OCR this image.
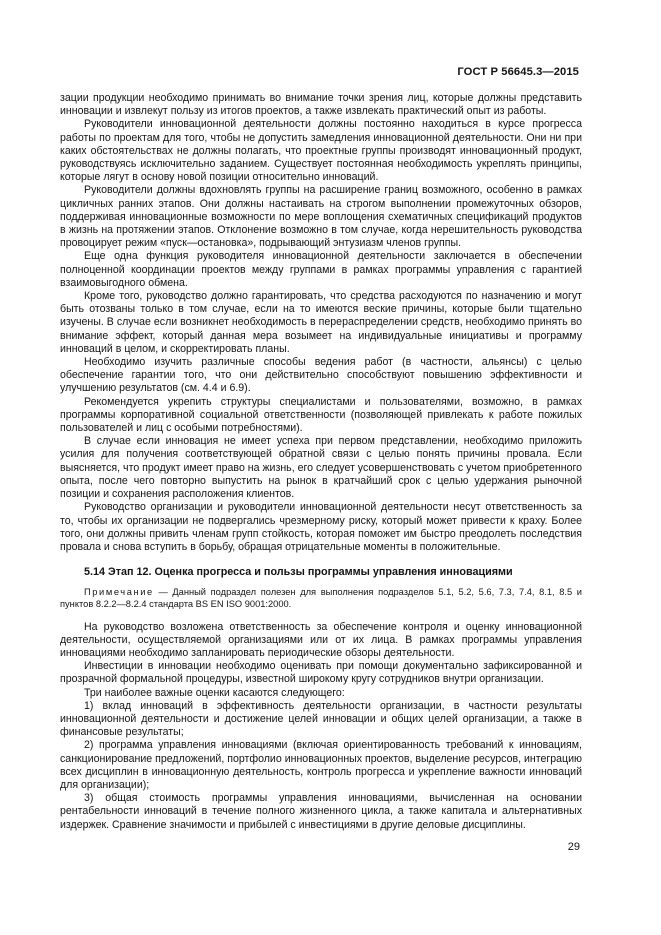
ГОСТ Р 56645.3—2015

зации продукции необходимо принимать во внимание точки зрения лиц, которые должны представить инновации и извлекут пользу из итогов проектов, а также извлекать практический опыт из работы.

Руководители инновационной деятельности должны постоянно находиться в курсе прогресса работы по проектам для того, чтобы не допустить замедления инновационной деятельности. Они ни при каких обстоятельствах не должны полагать, что проектные группы производят инновационный продукт, руководствуясь исключительно заданием. Существует постоянная необходимость укреплять принципы, которые лягут в основу новой позиции относительно инноваций.

Руководители должны вдохновлять группы на расширение границ возможного, особенно в рамках цикличных ранних этапов. Они должны настаивать на строгом выполнении промежуточных обзоров, поддерживая инновационные возможности по мере воплощения схематичных спецификаций продуктов в жизнь на протяжении этапов. Отклонение возможно в том случае, когда нерешительность руководства провоцирует режим «пуск—остановка», подрывающий энтузиазм членов группы.

Еще одна функция руководителя инновационной деятельности заключается в обеспечении полноценной координации проектов между группами в рамках программы управления с гарантией взаимовыгодного обмена.

Кроме того, руководство должно гарантировать, что средства расходуются по назначению и могут быть отозваны только в том случае, если на то имеются веские причины, которые были тщательно изучены. В случае если возникнет необходимость в перераспределении средств, необходимо принять во внимание эффект, который данная мера возымеет на индивидуальные инициативы и программу инноваций в целом, и скорректировать планы.

Необходимо изучить различные способы ведения работ (в частности, альянсы) с целью обеспечение гарантии того, что они действительно способствуют повышению эффективности и улучшению результатов (см. 4.4 и 6.9).

Рекомендуется укрепить структуры специалистами и пользователями, возможно, в рамках программы корпоративной социальной ответственности (позволяющей привлекать к работе пожилых пользователей и лиц с особыми потребностями).

В случае если инновация не имеет успеха при первом представлении, необходимо приложить усилия для получения соответствующей обратной связи с целью понять причины провала. Если выясняется, что продукт имеет право на жизнь, его следует усовершенствовать с учетом приобретенного опыта, после чего повторно выпустить на рынок в кратчайший срок с целью удержания рыночной позиции и сохранения расположения клиентов.

Руководство организации и руководители инновационной деятельности несут ответственность за то, чтобы их организации не подвергались чрезмерному риску, который может привести к краху. Более того, они должны привить членам групп стойкость, которая поможет им быстро преодолеть последствия провала и снова вступить в борьбу, обращая отрицательные моменты в положительные.

5.14 Этап 12. Оценка прогресса и пользы программы управления инновациями

Примечание — Данный подраздел полезен для выполнения подразделов 5.1, 5.2, 5.6, 7.3, 7.4, 8.1, 8.5 и пунктов 8.2.2—8.2.4 стандарта BS EN ISO 9001:2000.

На руководство возложена ответственность за обеспечение контроля и оценку инновационной деятельности, осуществляемой организациями или от их лица. В рамках программы управления инновациями необходимо запланировать периодические обзоры деятельности.

Инвестиции в инновации необходимо оценивать при помощи документально зафиксированной и прозрачной формальной процедуры, известной широкому кругу сотрудников внутри организации.

Три наиболее важные оценки касаются следующего:

1) вклад инноваций в эффективность деятельности организации, в частности результаты инновационной деятельности и достижение целей инновации и общих целей организации, а также в финансовые результаты;

2) программа управления инновациями (включая ориентированность требований к инновациям, санкционирование предложений, портфолио инновационных проектов, выделение ресурсов, интеграцию всех дисциплин в инновационную деятельность, контроль прогресса и укрепление важности инноваций для организации);

3) общая стоимость программы управления инновациями, вычисленная на основании рентабельности инноваций в течение полного жизненного цикла, а также капитала и альтернативных издержек. Сравнение значимости и прибылей с инвестициями в другие деловые дисциплины.

29
